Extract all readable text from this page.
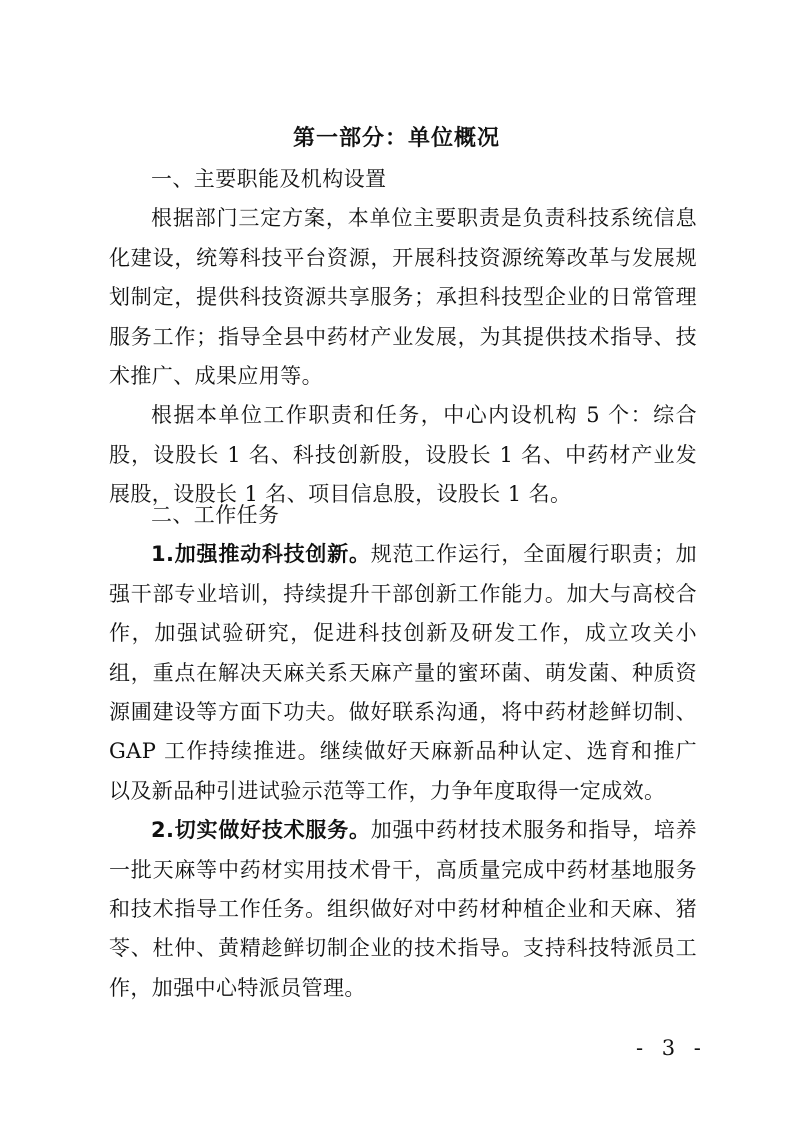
第一部分：单位概况
一、主要职能及机构设置
根据部门三定方案，本单位主要职责是负责科技系统信息化建设，统筹科技平台资源，开展科技资源统筹改革与发展规划制定，提供科技资源共享服务；承担科技型企业的日常管理服务工作；指导全县中药材产业发展，为其提供技术指导、技术推广、成果应用等。
根据本单位工作职责和任务，中心内设机构 5 个：综合股，设股长 1 名、科技创新股，设股长 1 名、中药材产业发展股，设股长 1 名、项目信息股，设股长 1 名。
二、工作任务
1.加强推动科技创新。规范工作运行，全面履行职责；加强干部专业培训，持续提升干部创新工作能力。加大与高校合作，加强试验研究，促进科技创新及研发工作，成立攻关小组，重点在解决天麻关系天麻产量的蜜环菌、萌发菌、种质资源圃建设等方面下功夫。做好联系沟通，将中药材趁鲜切制、GAP 工作持续推进。继续做好天麻新品种认定、选育和推广以及新品种引进试验示范等工作，力争年度取得一定成效。
2.切实做好技术服务。加强中药材技术服务和指导，培养一批天麻等中药材实用技术骨干，高质量完成中药材基地服务和技术指导工作任务。组织做好对中药材种植企业和天麻、猪苓、杜仲、黄精趁鲜切制企业的技术指导。支持科技特派员工作，加强中心特派员管理。
- 3 -
